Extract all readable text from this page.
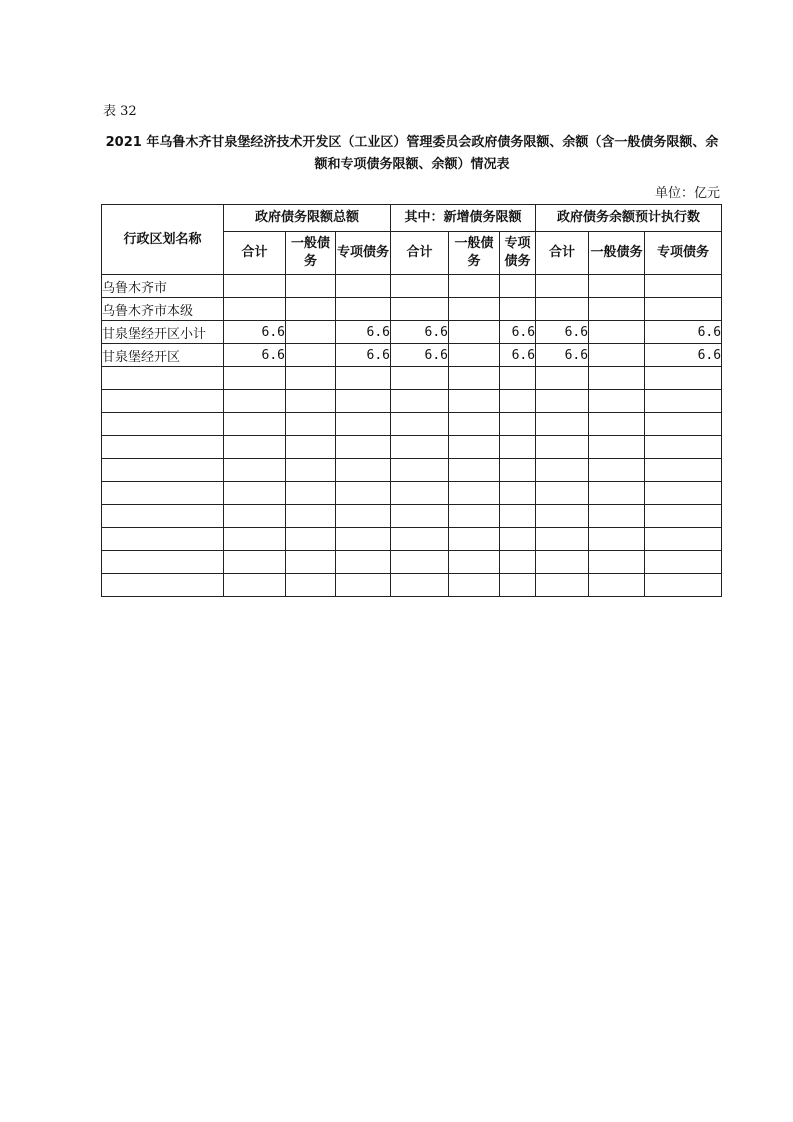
表 32
2021 年乌鲁木齐甘泉堡经济技术开发区（工业区）管理委员会政府债务限额、余额（含一般债务限额、余
额和专项债务限额、余额）情况表
单位：亿元
行政区划名称	政府债务限额总额			其中：新增债务限额			政府债务余额预计执行数		
	合计	一般债务	专项债务	合计	一般债务	专项债务	合计	一般债务	专项债务
乌鲁木齐市									
乌鲁木齐市本级									
甘泉堡经开区小计	6.6		6.6	6.6		6.6	6.6		6.6
甘泉堡经开区	6.6		6.6	6.6		6.6	6.6		6.6
